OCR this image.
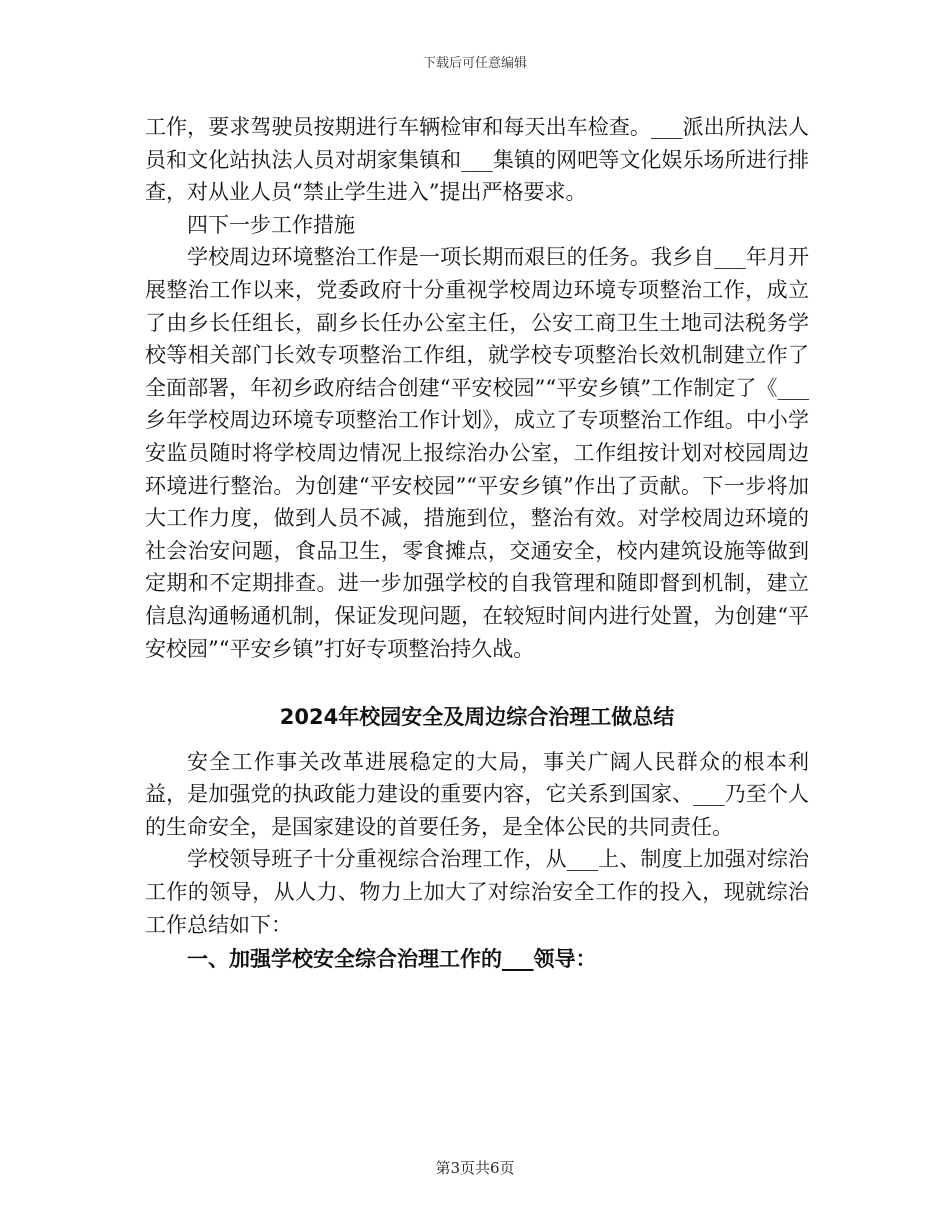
下载后可任意编辑

工作，要求驾驶员按期进行车辆检审和每天出车检查。___派出所执法人员和文化站执法人员对胡家集镇和___集镇的网吧等文化娱乐场所进行排查，对从业人员“禁止学生进入”提出严格要求。

四下一步工作措施

学校周边环境整治工作是一项长期而艰巨的任务。我乡自___年月开展整治工作以来，党委政府十分重视学校周边环境专项整治工作，成立了由乡长任组长，副乡长任办公室主任，公安工商卫生土地司法税务学校等相关部门长效专项整治工作组，就学校专项整治长效机制建立作了全面部署，年初乡政府结合创建“平安校园”“平安乡镇”工作制定了《___乡年学校周边环境专项整治工作计划》，成立了专项整治工作组。中小学安监员随时将学校周边情况上报综治办公室，工作组按计划对校园周边环境进行整治。为创建“平安校园”“平安乡镇”作出了贡献。下一步将加大工作力度，做到人员不减，措施到位，整治有效。对学校周边环境的社会治安问题，食品卫生，零食摊点，交通安全，校内建筑设施等做到定期和不定期排查。进一步加强学校的自我管理和随即督到机制，建立信息沟通畅通机制，保证发现问题，在较短时间内进行处置，为创建“平安校园”“平安乡镇”打好专项整治持久战。

2024年校园安全及周边综合治理工做总结

安全工作事关改革进展稳定的大局，事关广阔人民群众的根本利益，是加强党的执政能力建设的重要内容，它关系到国家、___乃至个人的生命安全，是国家建设的首要任务，是全体公民的共同责任。

学校领导班子十分重视综合治理工作，从___上、制度上加强对综治工作的领导，从人力、物力上加大了对综治安全工作的投入，现就综治工作总结如下：

一、加强学校安全综合治理工作的___领导：

第3页共6页
